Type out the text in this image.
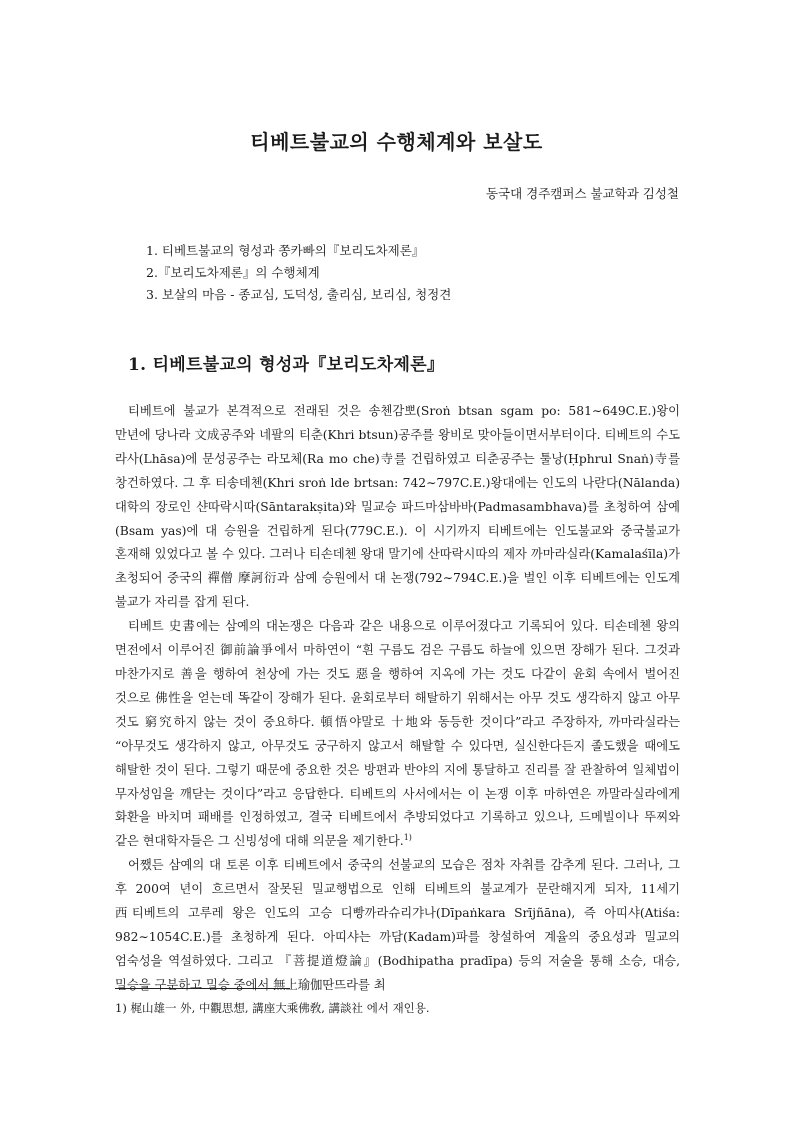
티베트불교의 수행체계와 보살도

동국대 경주캠퍼스 불교학과 김성철

1. 티베트불교의 형성과 쫑카빠의『보리도차제론』
2.『보리도차제론』의 수행체계
3. 보살의 마음 - 종교심, 도덕성, 출리심, 보리심, 청정견
1. 티베트불교의 형성과『보리도차제론』

티베트에 불교가 본격적으로 전래된 것은 송첸감뽀(Sroṅ btsan sgam po: 581∼649C.E.)왕이 만년에 당나라 文成공주와 네팔의 티춘(Khri btsun)공주를 왕비로 맞아들이면서부터이다. 티베트의 수도 라사(Lhāsa)에 문성공주는 라모체(Ra mo che)寺를 건립하였고 티춘공주는 툴낭(Ḥphrul Snaṅ)寺를 창건하였다. 그 후 티송데첸(Khri sroṅ lde brtsan: 742∼797C.E.)왕대에는 인도의 나란다(Nālanda) 대학의 장로인 샨따락시따(Sāntarakṣita)와 밀교승 파드마삼바바(Padmasambhava)를 초청하여 삼예(Bsam yas)에 대 승원을 건립하게 된다(779C.E.). 이 시기까지 티베트에는 인도불교와 중국불교가 혼재해 있었다고 볼 수 있다. 그러나 티손데첸 왕대 말기에 산따락시따의 제자 까마라실라(Kamalaśīla)가 초청되어 중국의 禪僧 摩訶衍과 삼예 승원에서 대 논쟁(792∼794C.E.)을 벌인 이후 티베트에는 인도계 불교가 자리를 잡게 된다.

티베트 史書에는 삼예의 대논쟁은 다음과 같은 내용으로 이루어졌다고 기록되어 있다. 티손데첸 왕의 면전에서 이루어진 御前論爭에서 마하연이 “흰 구름도 검은 구름도 하늘에 있으면 장해가 된다. 그것과 마찬가지로 善을 행하여 천상에 가는 것도 惡을 행하여 지옥에 가는 것도 다같이 윤회 속에서 벌어진 것으로 佛性을 얻는데 똑같이 장해가 된다. 윤회로부터 해탈하기 위해서는 아무 것도 생각하지 않고 아무 것도 窮究하지 않는 것이 중요하다. 頓悟야말로 十地와 동등한 것이다”라고 주장하자, 까마라실라는 “아무것도 생각하지 않고, 아무것도 궁구하지 않고서 해탈할 수 있다면, 실신한다든지 졸도했을 때에도 해탈한 것이 된다. 그렇기 때문에 중요한 것은 방편과 반야의 지에 통달하고 진리를 잘 관찰하여 일체법이 무자성임을 깨닫는 것이다”라고 응답한다. 티베트의 사서에서는 이 논쟁 이후 마하연은 까말라실라에게 화환을 바치며 패배를 인정하였고, 결국 티베트에서 추방되었다고 기록하고 있으나, 드메빌이나 뚜찌와 같은 현대학자들은 그 신빙성에 대해 의문을 제기한다.$^{1)}$

어쨌든 삼예의 대 토론 이후 티베트에서 중국의 선불교의 모습은 점차 자취를 감추게 된다. 그러나, 그 후 200여 년이 흐르면서 잘못된 밀교행법으로 인해 티베트의 불교계가 문란해지게 되자, 11세기 西티베트의 고루레 왕은 인도의 고승 디빵까라슈리갸나(Dīpaṅkara Srījñāna), 즉 아띠샤(Atiśa: 982∼1054C.E.)를 초청하게 된다. 아띠샤는 까담(Kadam)파를 창설하여 계율의 중요성과 밀교의 엄숙성을 역설하였다. 그리고 『菩提道燈論』(Bodhipatha pradīpa) 등의 저술을 통해 소승, 대승, 밀승을 구분하고 밀승 중에서 無上瑜伽딴뜨라를 최

1) 梶山雄一 外, 中觀思想, 講座大乘佛敎, 講談社 에서 재인용.
